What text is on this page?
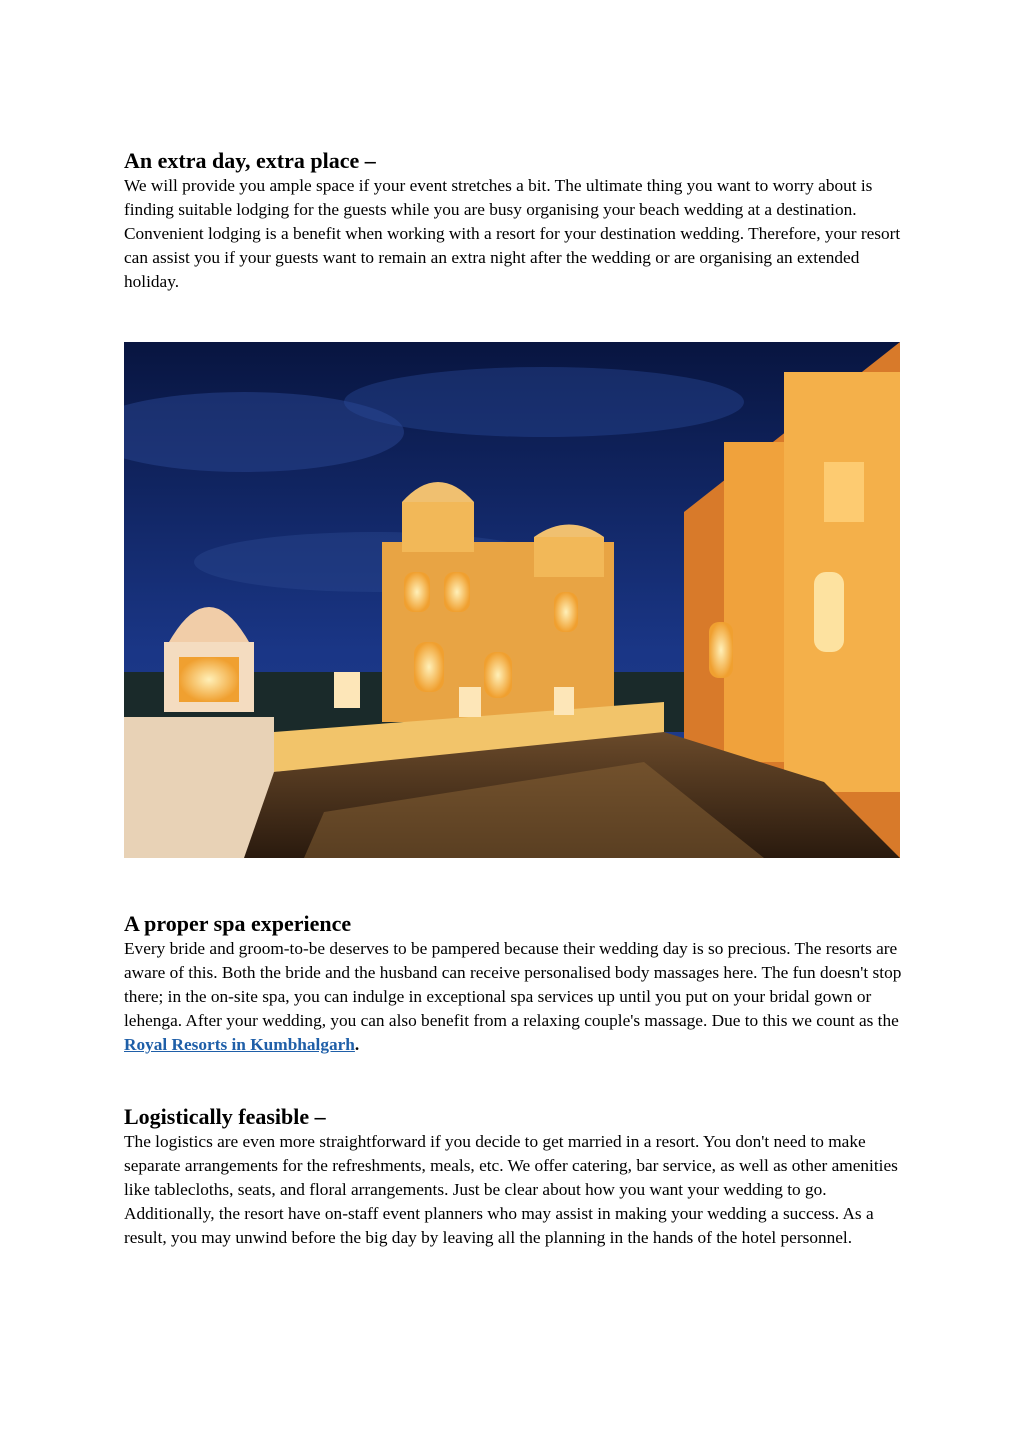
An extra day, extra place –

We will provide you ample space if your event stretches a bit. The ultimate thing you want to worry about is finding suitable lodging for the guests while you are busy organising your beach wedding at a destination. Convenient lodging is a benefit when working with a resort for your destination wedding. Therefore, your resort can assist you if your guests want to remain an extra night after the wedding or are organising an extended holiday.

A proper spa experience

Every bride and groom-to-be deserves to be pampered because their wedding day is so precious. The resorts are aware of this. Both the bride and the husband can receive personalised body massages here. The fun doesn't stop there; in the on-site spa, you can indulge in exceptional spa services up until you put on your bridal gown or lehenga. After your wedding, you can also benefit from a relaxing couple's massage. Due to this we count as the Royal Resorts in Kumbhalgarh.

Logistically feasible –

The logistics are even more straightforward if you decide to get married in a resort. You don't need to make separate arrangements for the refreshments, meals, etc. We offer catering, bar service, as well as other amenities like tablecloths, seats, and floral arrangements. Just be clear about how you want your wedding to go. Additionally, the resort have on-staff event planners who may assist in making your wedding a success. As a result, you may unwind before the big day by leaving all the planning in the hands of the hotel personnel.
